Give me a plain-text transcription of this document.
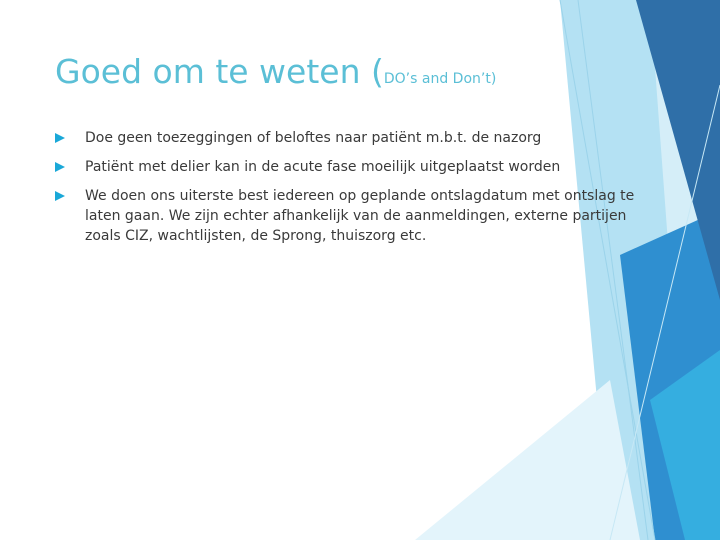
Goed om te weten (DO’s and Don’t)
Doe geen toezeggingen of beloftes naar patiënt m.b.t. de nazorg
Patiënt met delier kan in de acute fase moeilijk uitgeplaatst worden
We doen ons uiterste best iedereen op geplande ontslagdatum met ontslag te laten gaan. We zijn echter afhankelijk van de aanmeldingen, externe partijen zoals CIZ, wachtlijsten, de Sprong, thuiszorg etc.
